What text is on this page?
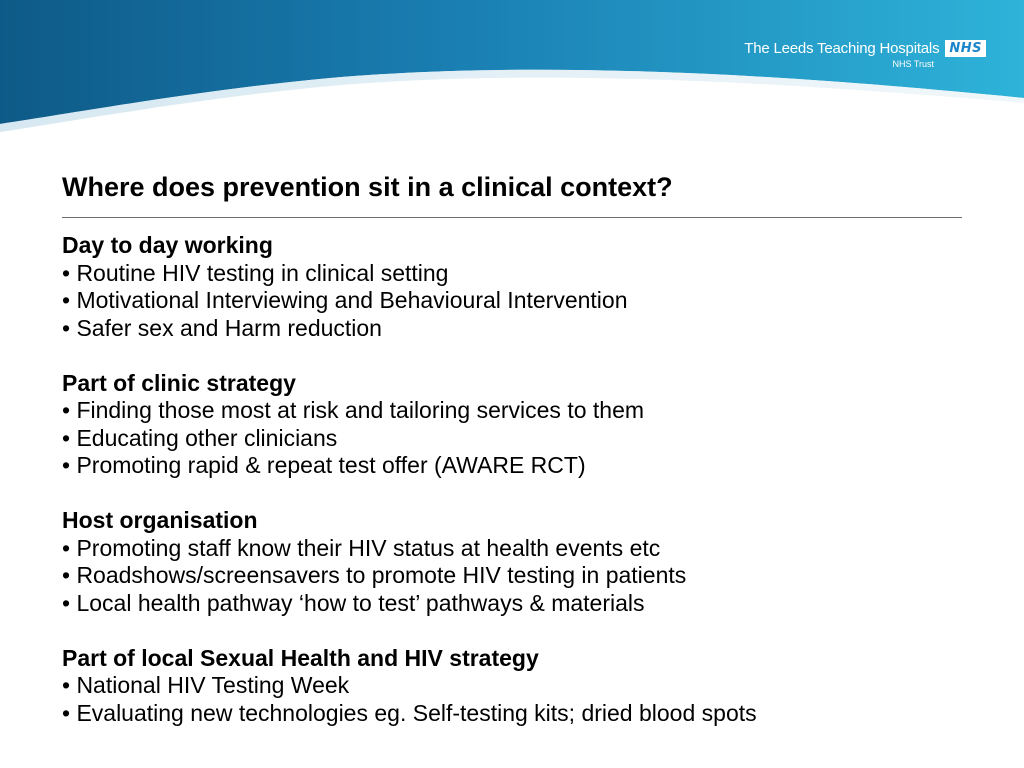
The Leeds Teaching Hospitals NHS
NHS Trust
Where does prevention sit in a clinical context?
Day to day working
• Routine HIV testing in clinical setting
• Motivational Interviewing and Behavioural Intervention
• Safer sex and Harm reduction
Part of clinic strategy
• Finding those most at risk and tailoring services to them
• Educating other clinicians
• Promoting rapid & repeat test offer (AWARE RCT)
Host organisation
• Promoting staff know their HIV status at health events etc
• Roadshows/screensavers to promote HIV testing in patients
• Local health pathway ‘how to test’ pathways & materials
Part of local Sexual Health and HIV strategy
• National HIV Testing Week
• Evaluating new technologies eg. Self-testing kits; dried blood spots
